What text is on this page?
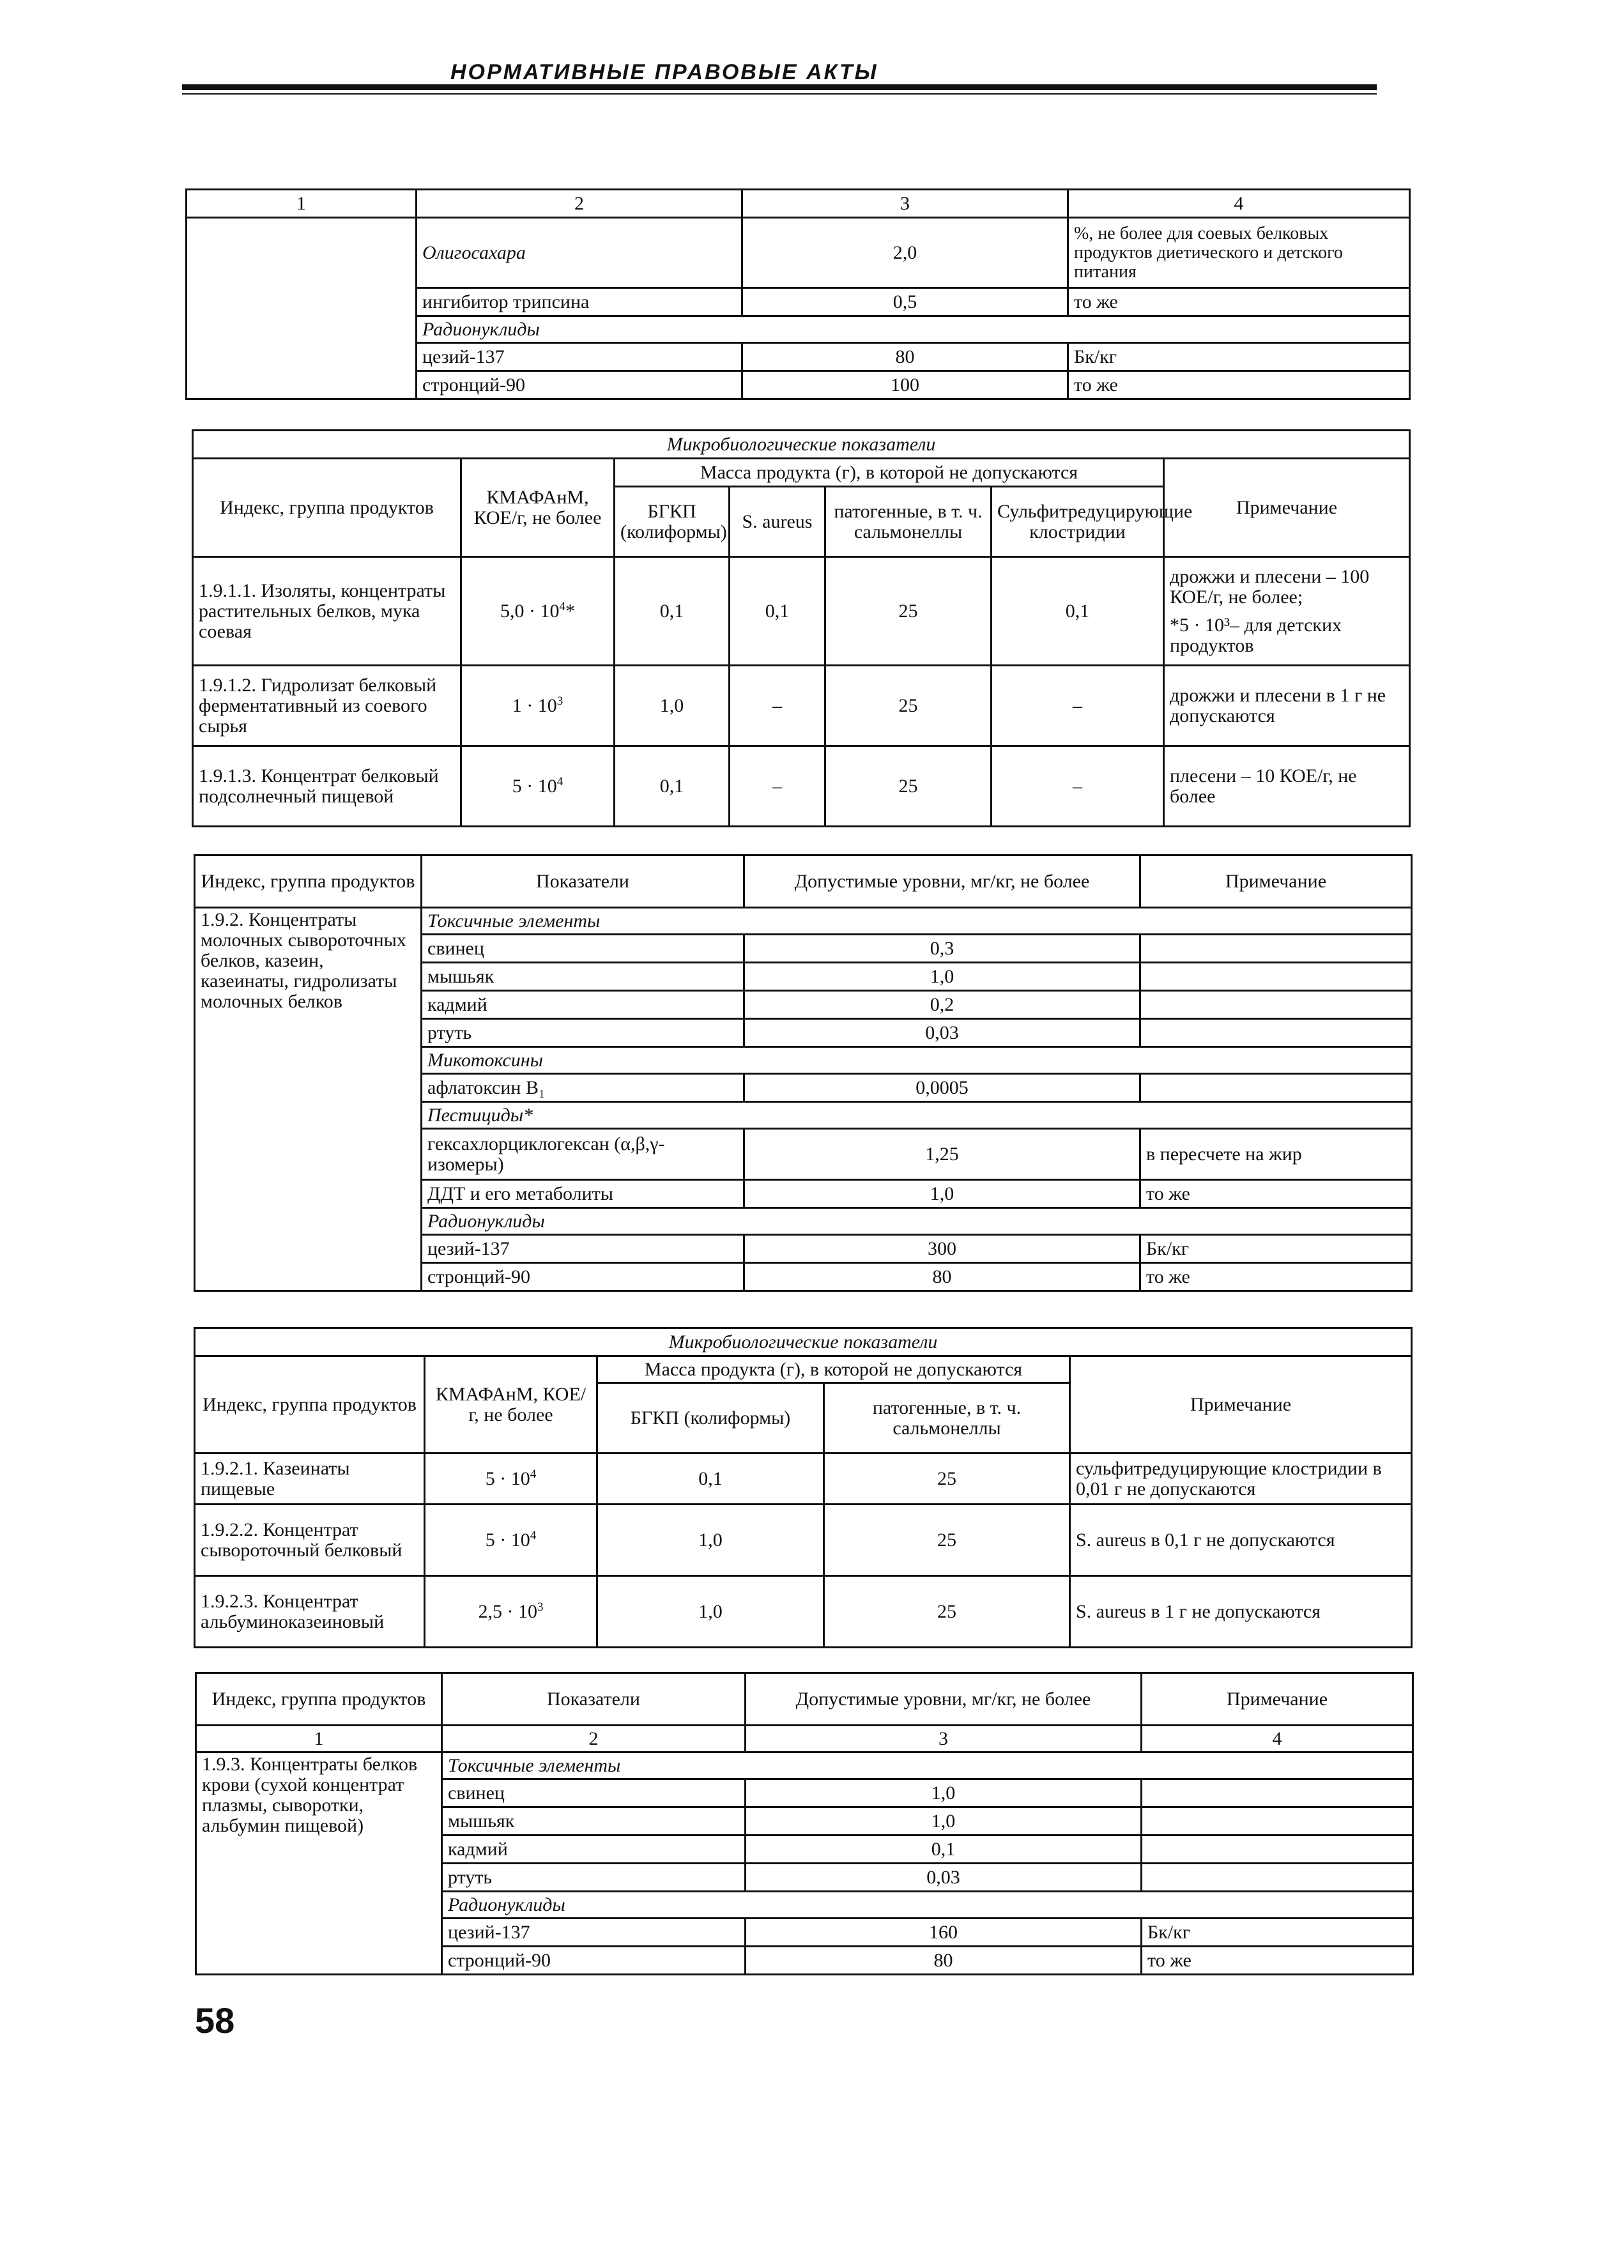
НОРМАТИВНЫЕ ПРАВОВЫЕ АКТЫ
1	2	3	4
	Олигосахара	2,0	%, не более для соевых белковых продуктов диетического и детского питания
	ингибитор трипсина	0,5	то же
	Радионуклиды		
	цезий-137	80	Бк/кг
	стронций-90	100	то же
Микробиологические показатели						
Индекс, группа продуктов	КМАФАнМ, КОЕ/г, не более	Масса продукта (г), в которой не допускаются				Примечание
		БГКП (колиформы)	S. aureus	патогенные, в т. ч. сальмонеллы	Сульфитредуцирующие клостридии	
1.9.1.1. Изоляты, концентраты растительных белков, мука соевая	$5,0 \cdot 10^4*$	0,1	0,1	25	0,1	дрожжи и плесени – 100 КОЕ/г, не более;
*5 · 10³– для детских продуктов

1.9.1.2. Гидролизат белковый ферментативный из соевого сырья	$1 \cdot 10^3$	1,0	–	25	–	дрожжи и плесени в 1 г не допускаются
1.9.1.3. Концентрат белковый подсолнечный пищевой	$5 \cdot 10^4$	0,1	–	25	–	плесени – 10 КОЕ/г, не более
Индекс, группа продуктов	Показатели	Допустимые уровни, мг/кг, не более	Примечание
1.9.2. Концентраты молочных сывороточных белков, казеин, казеинаты, гидролизаты молочных белков	Токсичные элементы		
	свинец	0,3	
	мышьяк	1,0	
	кадмий	0,2	
	ртуть	0,03	
	Микотоксины		
	афлатоксин B₁	0,0005	
	Пестициды*		
	гексахлорциклогексан (α,β,γ-изомеры)	1,25	в пересчете на жир
	ДДТ и его метаболиты	1,0	то же
	Радионуклиды		
	цезий-137	300	Бк/кг
	стронций-90	80	то же
Микробиологические показатели				
Индекс, группа продуктов	КМАФАнМ, КОЕ/г, не более	Масса продукта (г), в которой не допускаются		Примечание
		БГКП (колиформы)	патогенные, в т. ч. сальмонеллы	
1.9.2.1. Казеинаты пищевые	$5 \cdot 10^4$	0,1	25	сульфитредуцирующие клостридии в 0,01 г не допускаются
1.9.2.2. Концентрат сывороточный белковый	$5 \cdot 10^4$	1,0	25	S. aureus в 0,1 г не допускаются
1.9.2.3. Концентрат альбуминоказеиновый	$2,5 \cdot 10^3$	1,0	25	S. aureus в 1 г не допускаются
Индекс, группа продуктов	Показатели	Допустимые уровни, мг/кг, не более	Примечание
1	2	3	4
1.9.3. Концентраты белков крови (сухой концентрат плазмы, сыворотки, альбумин пищевой)	Токсичные элементы		
	свинец	1,0	
	мышьяк	1,0	
	кадмий	0,1	
	ртуть	0,03	
	Радионуклиды		
	цезий-137	160	Бк/кг
	стронций-90	80	то же
58
